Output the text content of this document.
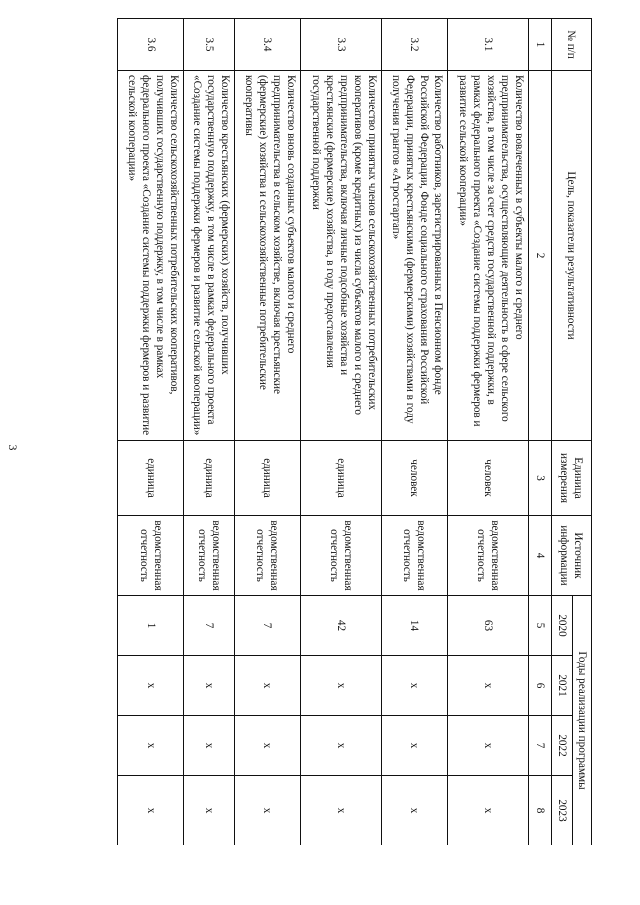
3
№ п/п	Цель, показатели результативности	Единица измерения	Источник информации	Годы реализации программы			
				2020	2021	2022	2023
1	2	3	4	5	6	7	8
3.1	Количество вовлеченных в субъекты малого и среднего предпринимательства, осуществляющие деятельность в сфере сельского хозяйства, в том числе за счет средств государственной поддержки, в рамках федерального проекта «Создание системы поддержки фермеров и развитие сельской кооперации»	человек	ведомственная отчетность	63	х	х	х
3.2	Количество работников, зарегистрированных в Пенсионном фонде Российской Федерации, Фонде социального страхования Российской Федерации, принятых крестьянскими (фермерскими) хозяйствами в году получения грантов «Агростартап»	человек	ведомственная отчетность	14	х	х	х
3.3	Количество принятых членов сельскохозяйственных потребительских кооперативов (кроме кредитных) из числа субъектов малого и среднего предпринимательства, включая личные подсобные хозяйства и крестьянские (фермерские) хозяйства, в году предоставления государственной поддержки	единица	ведомственная отчетность	42	х	х	х
3.4	Количество вновь созданных субъектов малого и среднего предпринимательства в сельском хозяйстве, включая крестьянские (фермерские) хозяйства и сельскохозяйственные потребительские кооперативы	единица	ведомственная отчетность	7	х	х	х
3.5	Количество крестьянских (фермерских) хозяйств, получивших государственную поддержку, в том числе в рамках федерального проекта «Создание системы поддержки фермеров и развитие сельской кооперации»	единица	ведомственная отчетность	7	х	х	х
3.6	Количество сельскохозяйственных потребительских кооперативов, получивших государственную поддержку, в том числе в рамках федерального проекта «Создание системы поддержки фермеров и развитие сельской кооперации»	единица	ведомственная отчетность	1	х	х	х
